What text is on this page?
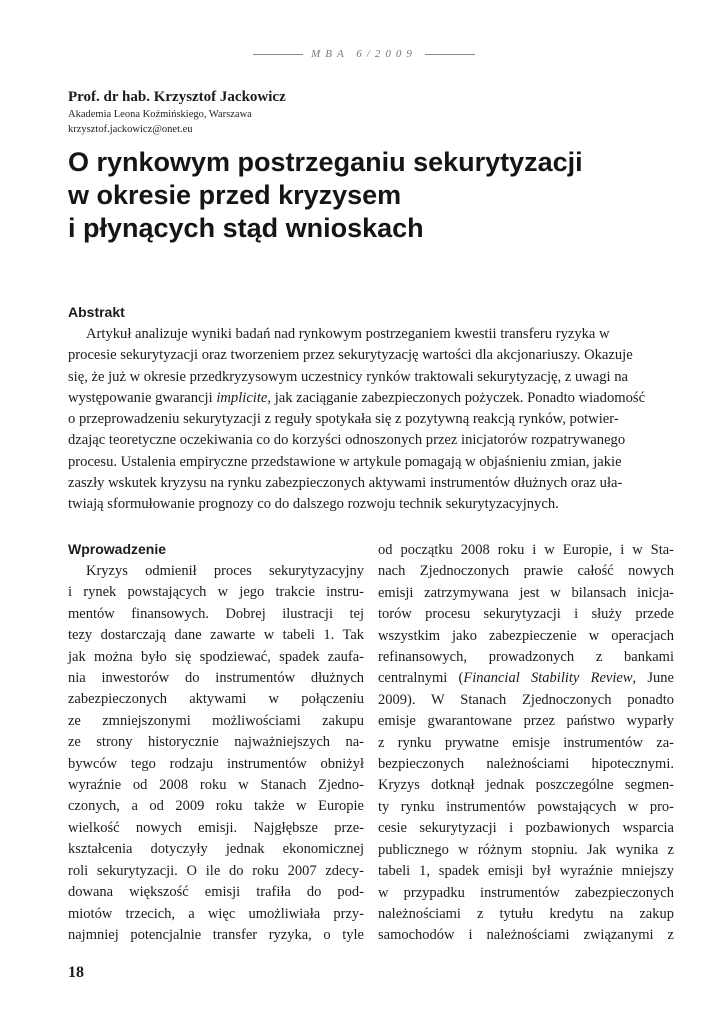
MBA 6/2009

Prof. dr hab. Krzysztof Jackowicz

Akademia Leona Koźmińskiego, Warszawa

krzysztof.jackowicz@onet.eu

O rynkowym postrzeganiu sekurytyzacji
w okresie przed kryzysem
i płynących stąd wnioskach
Abstrakt
Artykuł analizuje wyniki badań nad rynkowym postrzeganiem kwestii transferu ryzyka w
procesie sekurytyzacji oraz tworzeniem przez sekurytyzację wartości dla akcjonariuszy. Okazuje
się, że już w okresie przedkryzysowym uczestnicy rynków traktowali sekurytyzację, z uwagi na
występowanie gwarancji implicite, jak zaciąganie zabezpieczonych pożyczek. Ponadto wiadomość
o przeprowadzeniu sekurytyzacji z reguły spotykała się z pozytywną reakcją rynków, potwier-
dzając teoretyczne oczekiwania co do korzyści odnoszonych przez inicjatorów rozpatrywanego
procesu. Ustalenia empiryczne przedstawione w artykule pomagają w objaśnieniu zmian, jakie
zaszły wskutek kryzysu na rynku zabezpieczonych aktywami instrumentów dłużnych oraz uła-
twiają sformułowanie prognozy co do dalszego rozwoju technik sekurytyzacyjnych.
Wprowadzenie
Kryzys odmienił proces sekurytyzacyjny
i rynek powstających w jego trakcie instru-
mentów finansowych. Dobrej ilustracji tej
tezy dostarczają dane zawarte w tabeli 1. Tak
jak można było się spodziewać, spadek zaufa-
nia inwestorów do instrumentów dłużnych
zabezpieczonych aktywami w połączeniu
ze zmniejszonymi możliwościami zakupu
ze strony historycznie najważniejszych na-
bywców tego rodzaju instrumentów obniżył
wyraźnie od 2008 roku w Stanach Zjedno-
czonych, a od 2009 roku także w Europie
wielkość nowych emisji. Najgłębsze prze-
kształcenia dotyczyły jednak ekonomicznej
roli sekurytyzacji. O ile do roku 2007 zdecy-
dowana większość emisji trafiła do pod-
miotów trzecich, a więc umożliwiała przy-
najmniej potencjalnie transfer ryzyka, o tyle
od początku 2008 roku i w Europie, i w Sta-
nach Zjednoczonych prawie całość nowych
emisji zatrzymywana jest w bilansach inicja-
torów procesu sekurytyzacji i służy przede
wszystkim jako zabezpieczenie w operacjach
refinansowych, prowadzonych z bankami
centralnymi (Financial Stability Review, June
2009). W Stanach Zjednoczonych ponadto
emisje gwarantowane przez państwo wyparły
z rynku prywatne emisje instrumentów za-
bezpieczonych należnościami hipotecznymi.
Kryzys dotknął jednak poszczególne segmen-
ty rynku instrumentów powstających w pro-
cesie sekurytyzacji i pozbawionych wsparcia
publicznego w różnym stopniu. Jak wynika z
tabeli 1, spadek emisji był wyraźnie mniejszy
w przypadku instrumentów zabezpieczonych
należnościami z tytułu kredytu na zakup
samochodów i należnościami związanymi z
18
